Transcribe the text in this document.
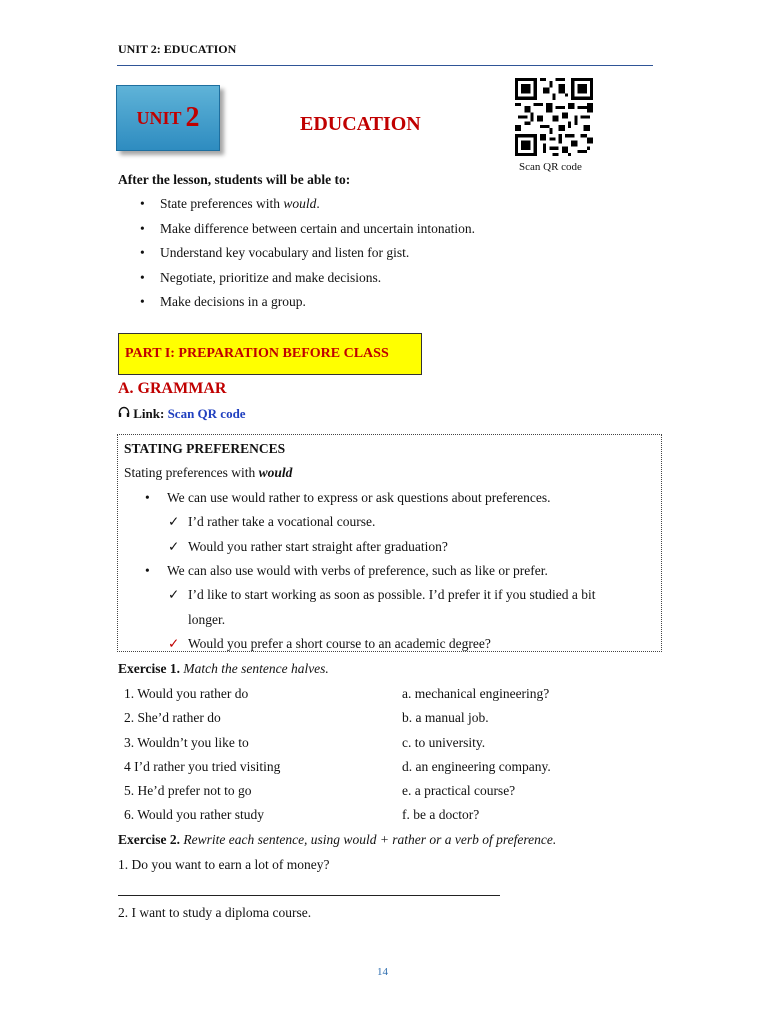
UNIT 2: EDUCATION
UNIT 2	EDUCATION
Scan QR code
After the lesson, students will be able to:
• State preferences with would.
• Make difference between certain and uncertain intonation.
• Understand key vocabulary and listen for gist.
• Negotiate, prioritize and make decisions.
• Make decisions in a group.
PART I: PREPARATION BEFORE CLASS
A. GRAMMAR
Link: Scan QR code
STATING PREFERENCES
Stating preferences with would
• We can use would rather to express or ask questions about preferences.
✓ I’d rather take a vocational course.
✓ Would you rather start straight after graduation?
• We can also use would with verbs of preference, such as like or prefer.
✓ I’d like to start working as soon as possible. I’d prefer it if you studied a bit
longer.
✓ Would you prefer a short course to an academic degree?
Exercise 1. Match the sentence halves.
1. Would you rather do
2. She’d rather do
3. Wouldn’t you like to
4 I’d rather you tried visiting
5. He’d prefer not to go
6. Would you rather study
a. mechanical engineering?
b. a manual job.
c. to university.
d. an engineering company.
e. a practical course?
f. be a doctor?
Exercise 2. Rewrite each sentence, using would + rather or a verb of preference.
1. Do you want to earn a lot of money?
2. I want to study a diploma course.
14
